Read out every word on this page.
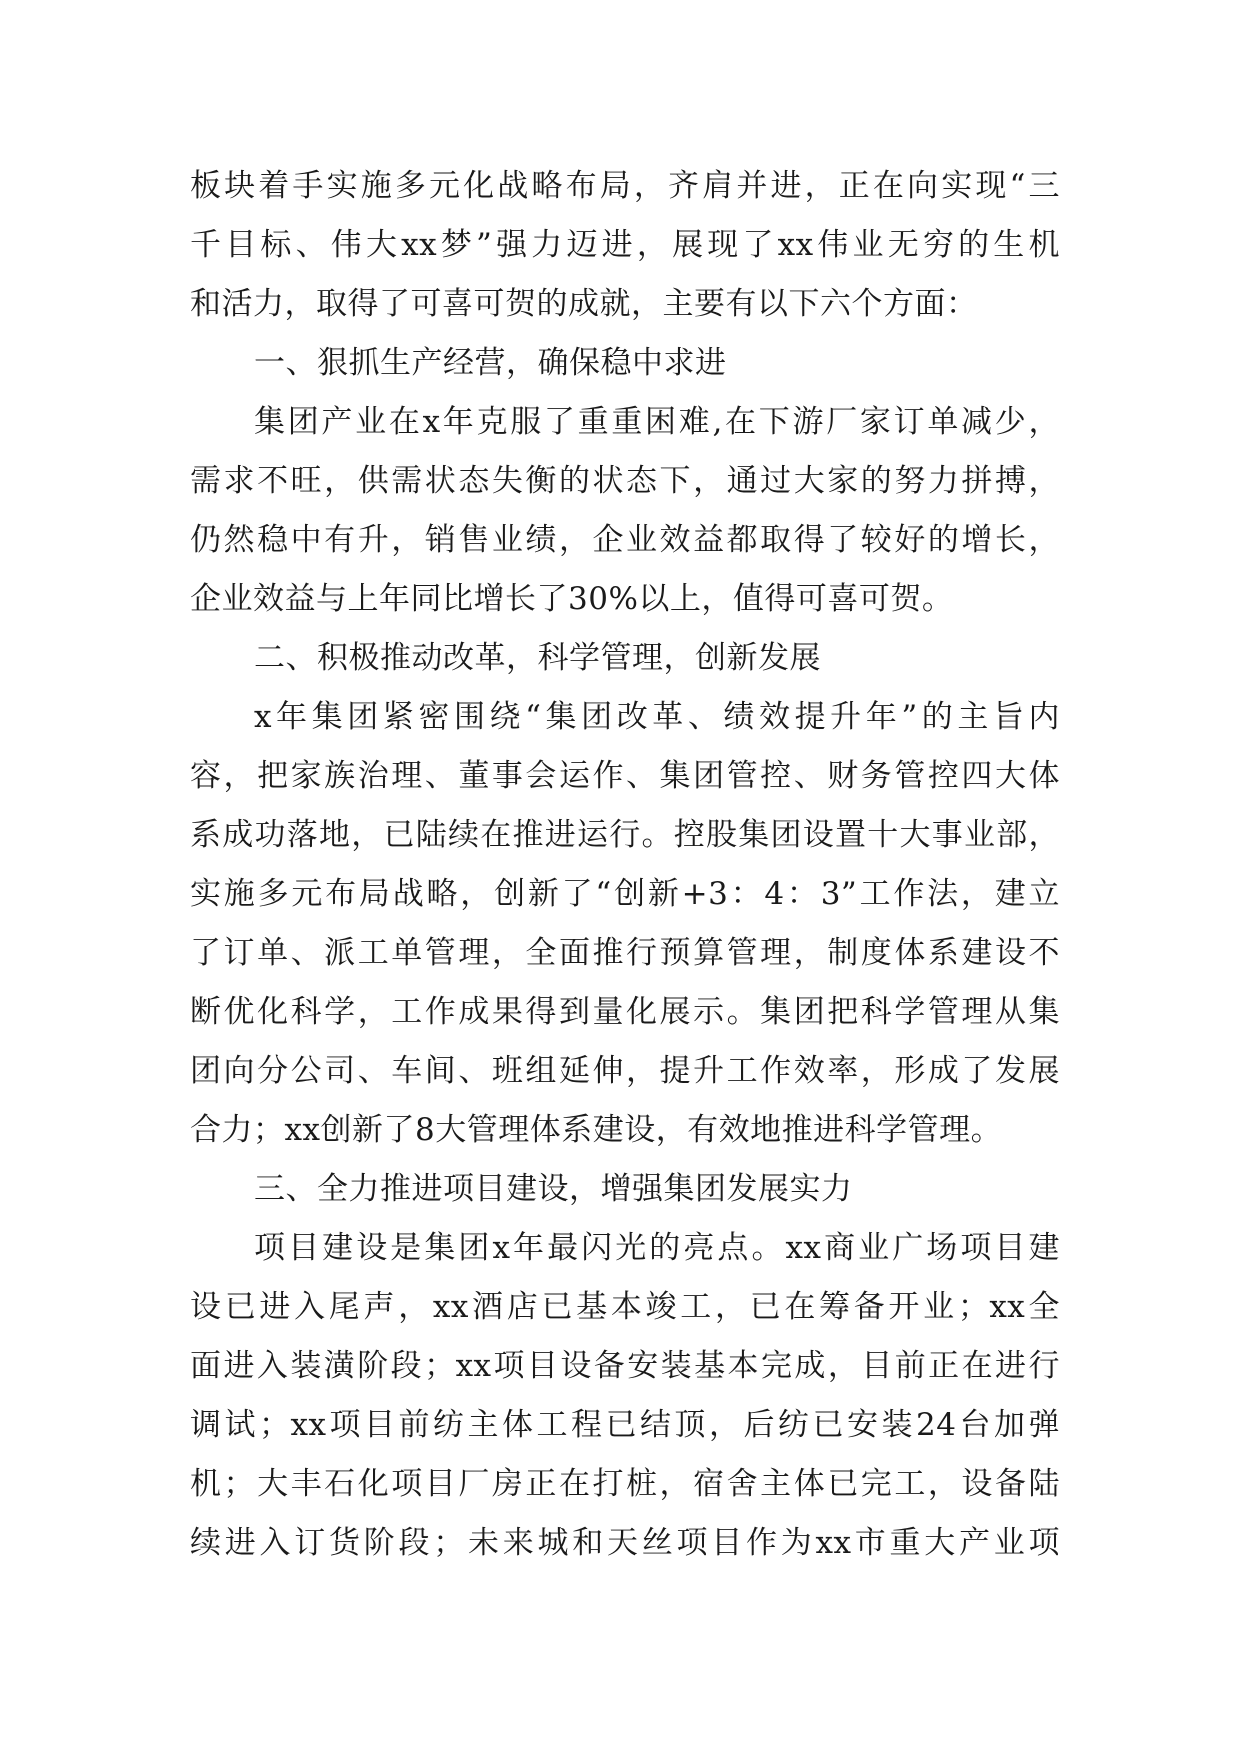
板块着手实施多元化战略布局，齐肩并进，正在向实现“三
千目标、伟大xx梦”强力迈进，展现了xx伟业无穷的生机
和活力，取得了可喜可贺的成就，主要有以下六个方面：
一、狠抓生产经营，确保稳中求进
集团产业在x年克服了重重困难,在下游厂家订单减少，
需求不旺，供需状态失衡的状态下，通过大家的努力拼搏，
仍然稳中有升，销售业绩，企业效益都取得了较好的增长，
企业效益与上年同比增长了30%以上，值得可喜可贺。
二、积极推动改革，科学管理，创新发展
x年集团紧密围绕“集团改革、绩效提升年”的主旨内
容，把家族治理、董事会运作、集团管控、财务管控四大体
系成功落地，已陆续在推进运行。控股集团设置十大事业部，
实施多元布局战略，创新了“创新+3：4：3”工作法，建立
了订单、派工单管理，全面推行预算管理，制度体系建设不
断优化科学，工作成果得到量化展示。集团把科学管理从集
团向分公司、车间、班组延伸，提升工作效率，形成了发展
合力；xx创新了8大管理体系建设，有效地推进科学管理。
三、全力推进项目建设，增强集团发展实力
项目建设是集团x年最闪光的亮点。xx商业广场项目建
设已进入尾声，xx酒店已基本竣工，已在筹备开业；xx全
面进入装潢阶段；xx项目设备安装基本完成，目前正在进行
调试；xx项目前纺主体工程已结顶，后纺已安装24台加弹
机；大丰石化项目厂房正在打桩，宿舍主体已完工，设备陆
续进入订货阶段；未来城和天丝项目作为xx市重大产业项
